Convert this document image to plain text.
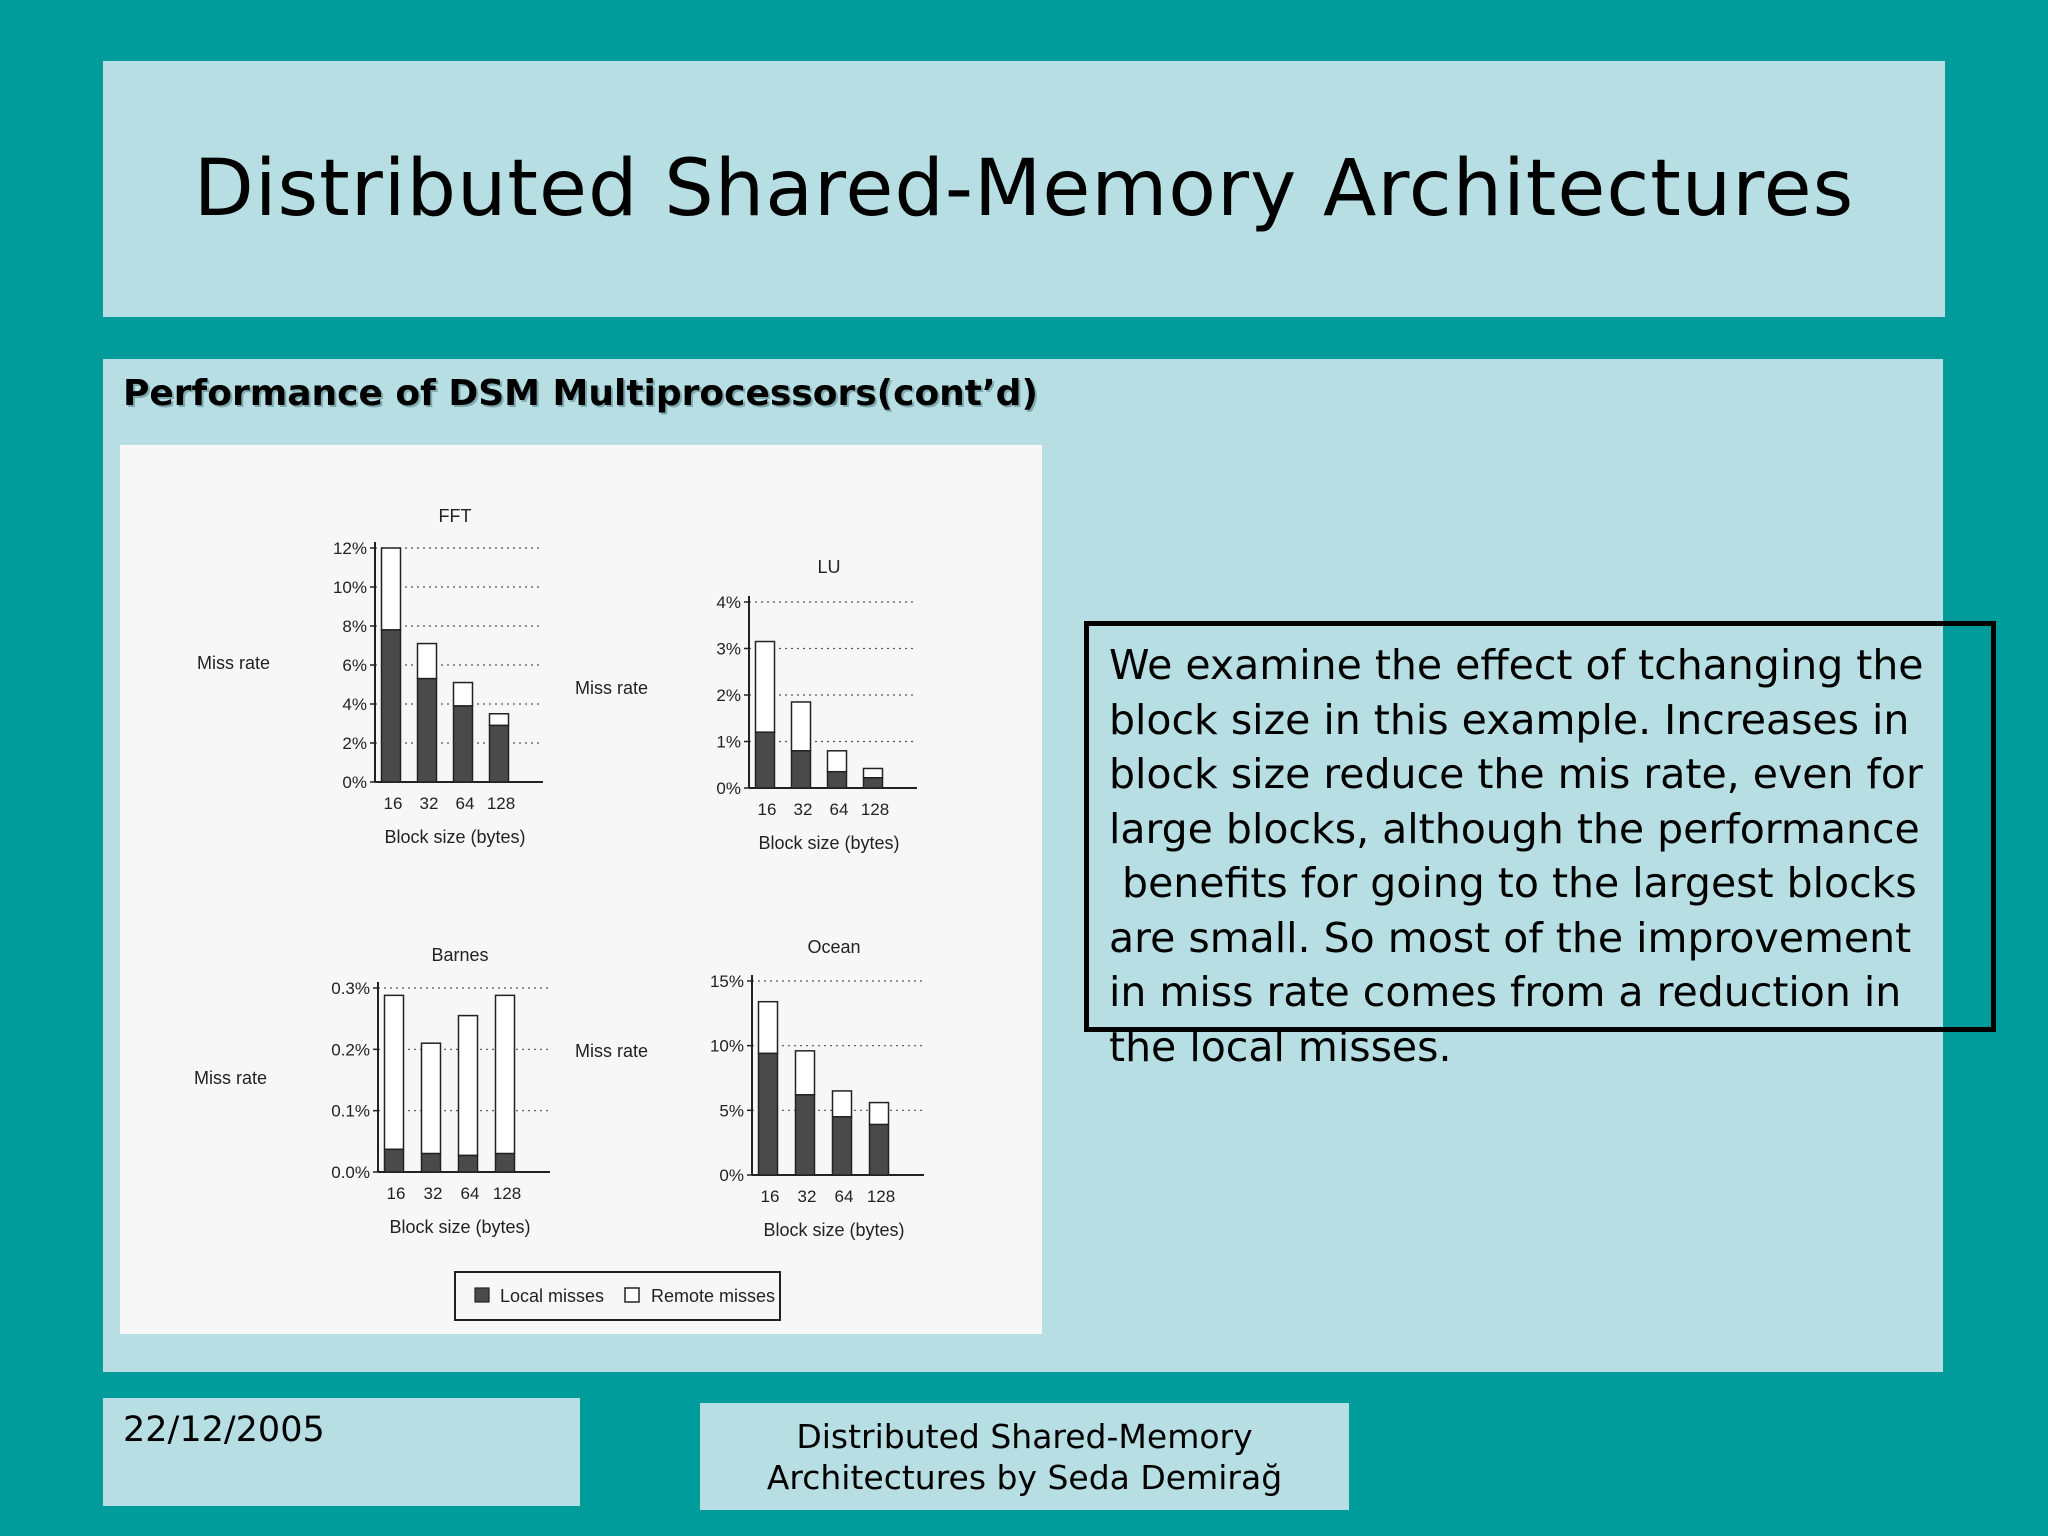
Distributed Shared-Memory Architectures
Performance of DSM Multiprocessors(cont’d)
0%
2%
4%
6%
8%
10%
12%
16 32 64 128
FFT
Block size (bytes)
Miss rate
0%
1%
2%
3%
4%
16 32 64 128
LU
Block size (bytes)
Miss rate
0.0%
0.1%
0.2%
0.3%
16 32 64 128
Barnes
Block size (bytes)
Miss rate
0%
5%
10%
15%
16 32 64 128
Ocean
Block size (bytes)
Miss rate
Local misses	Remote misses

We examine the effect of tchanging the
block size in this example. Increases in
block size reduce the mis rate, even for
large blocks, although the performance
benefits for going to the largest blocks
are small. So most of the improvement
in miss rate comes from a reduction in
the local misses.

22/12/2005	Distributed Shared-Memory
Architectures by Seda Demirağ
